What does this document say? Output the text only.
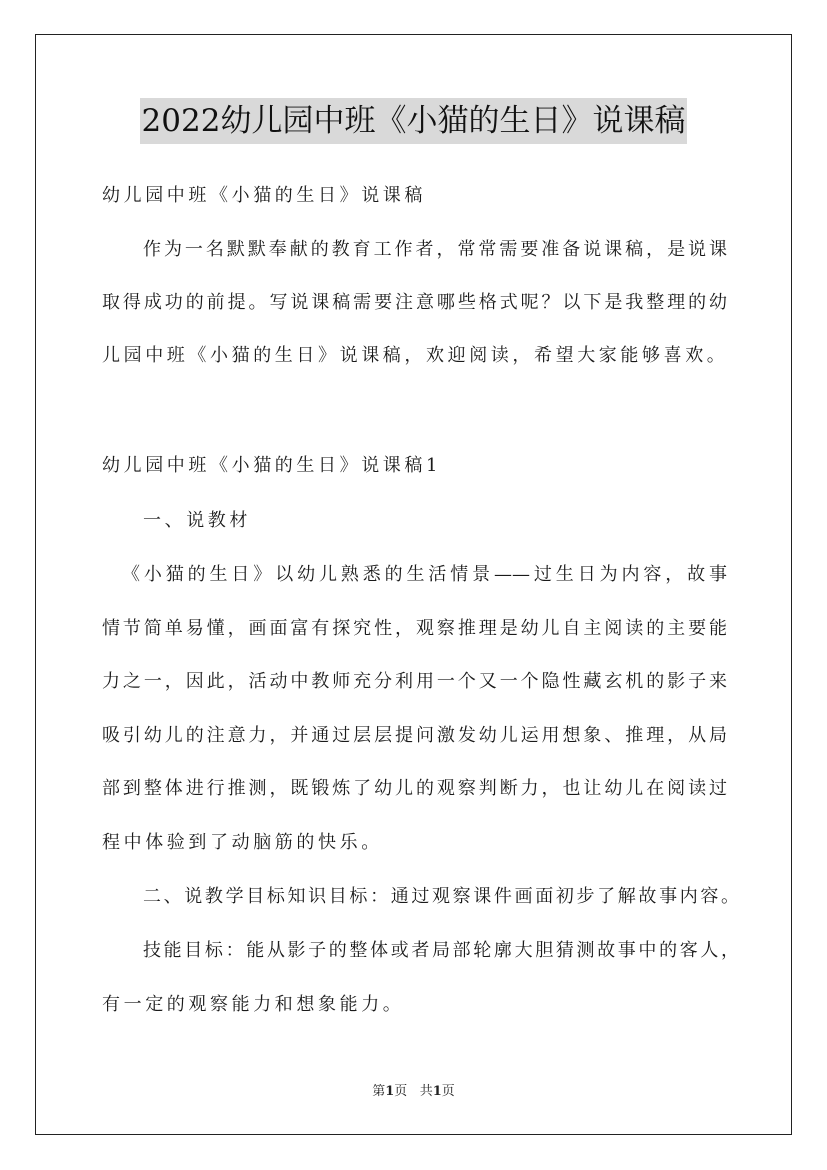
2022幼儿园中班《小猫的生日》说课稿
幼儿园中班《小猫的生日》说课稿
作为一名默默奉献的教育工作者，常常需要准备说课稿，是说课
取得成功的前提。写说课稿需要注意哪些格式呢？以下是我整理的幼
儿园中班《小猫的生日》说课稿，欢迎阅读，希望大家能够喜欢。
幼儿园中班《小猫的生日》说课稿1
一、说教材
《小猫的生日》以幼儿熟悉的生活情景——过生日为内容，故事
情节简单易懂，画面富有探究性，观察推理是幼儿自主阅读的主要能
力之一，因此，活动中教师充分利用一个又一个隐性藏玄机的影子来
吸引幼儿的注意力，并通过层层提问激发幼儿运用想象、推理，从局
部到整体进行推测，既锻炼了幼儿的观察判断力，也让幼儿在阅读过
程中体验到了动脑筋的快乐。
二、说教学目标知识目标：通过观察课件画面初步了解故事内容。
技能目标：能从影子的整体或者局部轮廓大胆猜测故事中的客人，
有一定的观察能力和想象能力。
第1页 共1页
